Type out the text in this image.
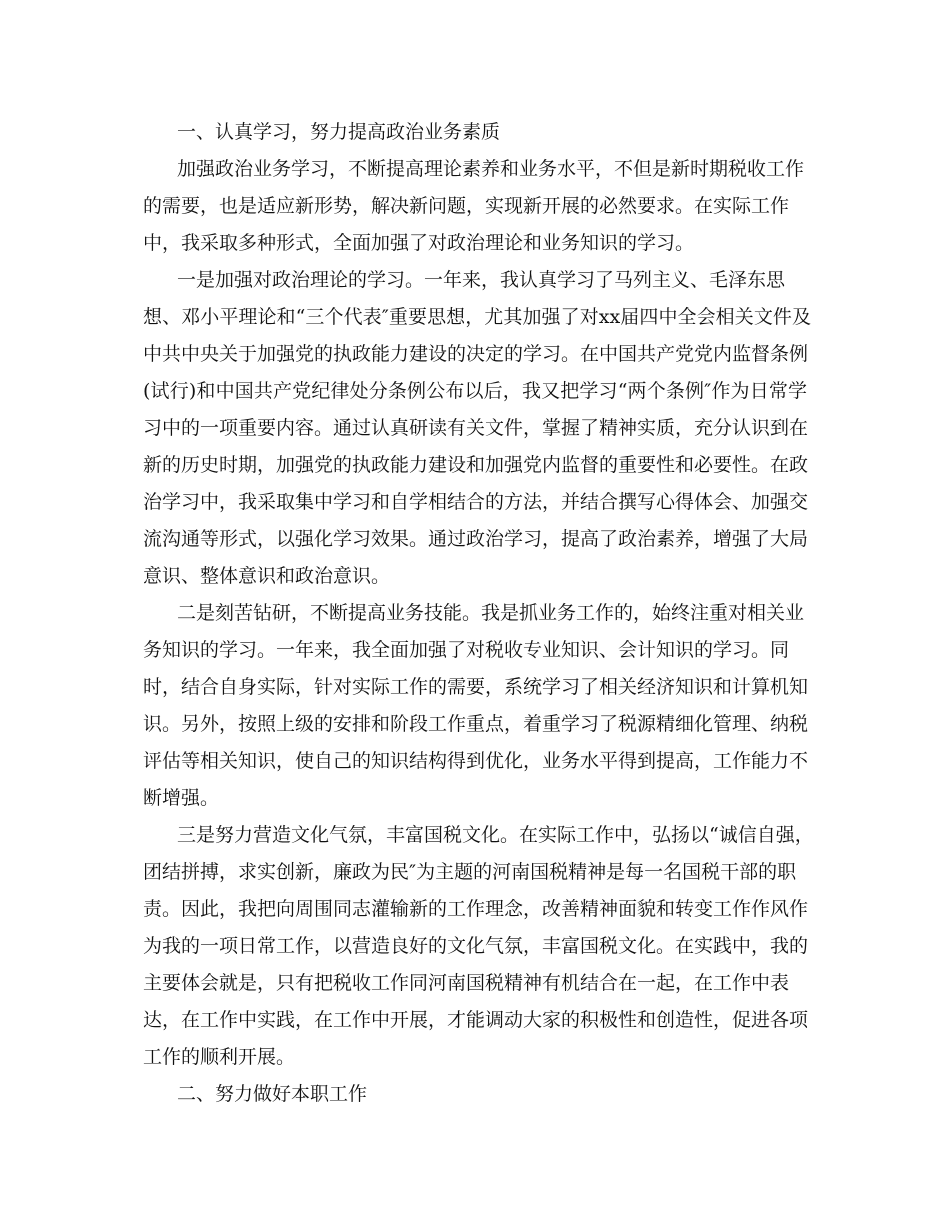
一、认真学习，努力提高政治业务素质
加强政治业务学习，不断提高理论素养和业务水平，不但是新时期税收工作
的需要，也是适应新形势，解决新问题，实现新开展的必然要求。在实际工作
中，我采取多种形式，全面加强了对政治理论和业务知识的学习。
一是加强对政治理论的学习。一年来，我认真学习了马列主义、毛泽东思
想、邓小平理论和“三个代表″重要思想，尤其加强了对xx届四中全会相关文件及
中共中央关于加强党的执政能力建设的决定的学习。在中国共产党党内监督条例
(试行)和中国共产党纪律处分条例公布以后，我又把学习“两个条例″作为日常学
习中的一项重要内容。通过认真研读有关文件，掌握了精神实质，充分认识到在
新的历史时期，加强党的执政能力建设和加强党内监督的重要性和必要性。在政
治学习中，我采取集中学习和自学相结合的方法，并结合撰写心得体会、加强交
流沟通等形式，以强化学习效果。通过政治学习，提高了政治素养，增强了大局
意识、整体意识和政治意识。
二是刻苦钻研，不断提高业务技能。我是抓业务工作的，始终注重对相关业
务知识的学习。一年来，我全面加强了对税收专业知识、会计知识的学习。同
时，结合自身实际，针对实际工作的需要，系统学习了相关经济知识和计算机知
识。另外，按照上级的安排和阶段工作重点，着重学习了税源精细化管理、纳税
评估等相关知识，使自己的知识结构得到优化，业务水平得到提高，工作能力不
断增强。
三是努力营造文化气氛，丰富国税文化。在实际工作中，弘扬以“诚信自强，
团结拼搏，求实创新，廉政为民″为主题的河南国税精神是每一名国税干部的职
责。因此，我把向周围同志灌输新的工作理念，改善精神面貌和转变工作作风作
为我的一项日常工作，以营造良好的文化气氛，丰富国税文化。在实践中，我的
主要体会就是，只有把税收工作同河南国税精神有机结合在一起，在工作中表
达，在工作中实践，在工作中开展，才能调动大家的积极性和创造性，促进各项
工作的顺利开展。
二、努力做好本职工作
